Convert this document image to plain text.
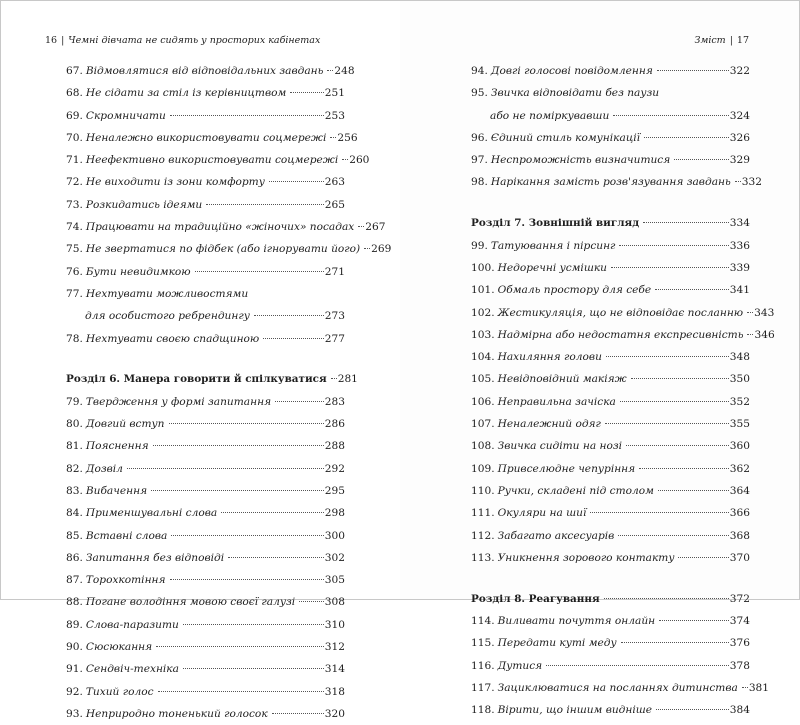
16 | Чемні дівчата не сидять у просторих кабінетах
67. Відмовлятися від відповідальних завдань 248
68. Не сідати за стіл із керівництвом	251
69. Скромничати	253
70. Неналежно використовувати соцмережі 256
71. Неефективно використовувати соцмережі 260
72. Не виходити із зони комфорту	263
73. Розкидатись ідеями	265
74. Працювати на традиційно «жіночих» посадах 267
75. Не звертатися по фідбек (або ігнорувати його) 269
76. Бути невидимкою	271
77. Нехтувати можливостями
для особистого ребрендингу	273
78. Нехтувати своєю спадщиною	277
Розділ 6. Манера говорити й спілкуватися 281
79. Твердження у формі запитання	283
80. Довгий вступ	286
81. Пояснення	288
82. Дозвіл	292
83. Вибачення	295
84. Применшувальні слова	298
85. Вставні слова	300
86. Запитання без відповіді	302
87. Торохкотіння	305
88. Погане володіння мовою своєї галузі	308
89. Слова-паразити	310
90. Сюсюкання	312
91. Сендвіч-техніка	314
92. Тихий голос	318
93. Неприродно тоненький голосок	320
Зміст | 17
94. Довгі голосові повідомлення	322
95. Звичка відповідати без паузи
або не поміркувавши	324
96. Єдиний стиль комунікації	326
97. Неспроможність визначитися	329
98. Нарікання замість розв'язування завдань 332
Розділ 7. Зовнішній вигляд	334
99. Татуювання і пірсинг	336
100. Недоречні усмішки	339
101. Обмаль простору для себе	341
102. Жестикуляція, що не відповідає посланню 343
103. Надмірна або недостатня експресивність 346
104. Нахиляння голови	348
105. Невідповідний макіяж	350
106. Неправильна зачіска	352
107. Неналежний одяг	355
108. Звичка сидіти на нозі	360
109. Привселюдне чепуріння	362
110. Ручки, складені під столом	364
111. Окуляри на шиї	366
112. Забагато аксесуарів	368
113. Уникнення зорового контакту	370
Розділ 8. Реагування	372
114. Виливати почуття онлайн	374
115. Передати куті меду	376
116. Дутися	378
117. Зациклюватися на посланнях дитинства 381
118. Вірити, що іншим видніше	384
